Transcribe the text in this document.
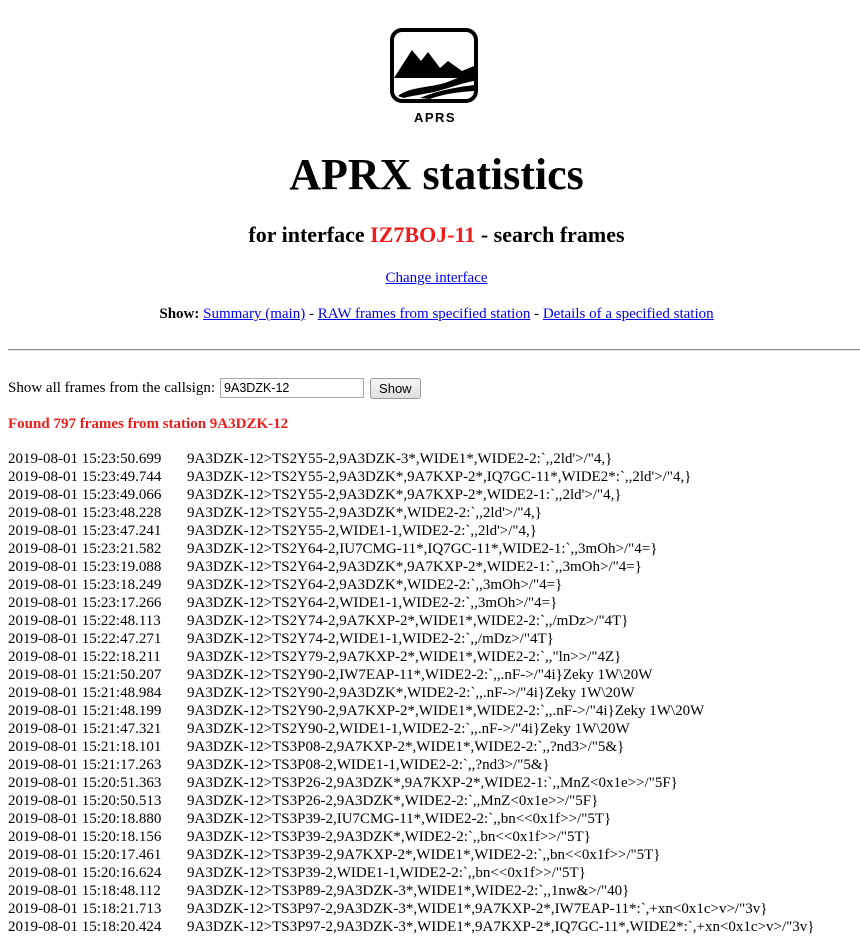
APRS
APRX statistics
for interface IZ7BOJ-11 - search frames
Change interface
Show: Summary (main) - RAW frames from specified station - Details of a specified station
Show all frames from the callsign:
9A3DZK-12	Show
Found 797 frames from station 9A3DZK-12
2019-08-01 15:23:50.699	9A3DZK-12>TS2Y55-2,9A3DZK-3*,WIDE1*,WIDE2-2:`,,2ld'>/"4,}
2019-08-01 15:23:49.744	9A3DZK-12>TS2Y55-2,9A3DZK*,9A7KXP-2*,IQ7GC-11*,WIDE2*:`,,2ld'>/"4,}
2019-08-01 15:23:49.066	9A3DZK-12>TS2Y55-2,9A3DZK*,9A7KXP-2*,WIDE2-1:`,,2ld'>/"4,}
2019-08-01 15:23:48.228	9A3DZK-12>TS2Y55-2,9A3DZK*,WIDE2-2:`,,2ld'>/"4,}
2019-08-01 15:23:47.241	9A3DZK-12>TS2Y55-2,WIDE1-1,WIDE2-2:`,,2ld'>/"4,}
2019-08-01 15:23:21.582	9A3DZK-12>TS2Y64-2,IU7CMG-11*,IQ7GC-11*,WIDE2-1:`,,3mOh>/"4=}
2019-08-01 15:23:19.088	9A3DZK-12>TS2Y64-2,9A3DZK*,9A7KXP-2*,WIDE2-1:`,,3mOh>/"4=}
2019-08-01 15:23:18.249	9A3DZK-12>TS2Y64-2,9A3DZK*,WIDE2-2:`,,3mOh>/"4=}
2019-08-01 15:23:17.266	9A3DZK-12>TS2Y64-2,WIDE1-1,WIDE2-2:`,,3mOh>/"4=}
2019-08-01 15:22:48.113	9A3DZK-12>TS2Y74-2,9A7KXP-2*,WIDE1*,WIDE2-2:`,,/mDz>/"4T}
2019-08-01 15:22:47.271	9A3DZK-12>TS2Y74-2,WIDE1-1,WIDE2-2:`,,/mDz>/"4T}
2019-08-01 15:22:18.211	9A3DZK-12>TS2Y79-2,9A7KXP-2*,WIDE1*,WIDE2-2:`,,"ln>>/"4Z}
2019-08-01 15:21:50.207	9A3DZK-12>TS2Y90-2,IW7EAP-11*,WIDE2-2:`,,.nF->/"4i}Zeky 1W\20W
2019-08-01 15:21:48.984	9A3DZK-12>TS2Y90-2,9A3DZK*,WIDE2-2:`,,.nF->/"4i}Zeky 1W\20W
2019-08-01 15:21:48.199	9A3DZK-12>TS2Y90-2,9A7KXP-2*,WIDE1*,WIDE2-2:`,,.nF->/"4i}Zeky 1W\20W
2019-08-01 15:21:47.321	9A3DZK-12>TS2Y90-2,WIDE1-1,WIDE2-2:`,,.nF->/"4i}Zeky 1W\20W
2019-08-01 15:21:18.101	9A3DZK-12>TS3P08-2,9A7KXP-2*,WIDE1*,WIDE2-2:`,,?nd3>/"5&}
2019-08-01 15:21:17.263	9A3DZK-12>TS3P08-2,WIDE1-1,WIDE2-2:`,,?nd3>/"5&}
2019-08-01 15:20:51.363	9A3DZK-12>TS3P26-2,9A3DZK*,9A7KXP-2*,WIDE2-1:`,,MnZ<0x1e>>/"5F}
2019-08-01 15:20:50.513	9A3DZK-12>TS3P26-2,9A3DZK*,WIDE2-2:`,,MnZ<0x1e>>/"5F}
2019-08-01 15:20:18.880	9A3DZK-12>TS3P39-2,IU7CMG-11*,WIDE2-2:`,,bn<<0x1f>>/"5T}
2019-08-01 15:20:18.156	9A3DZK-12>TS3P39-2,9A3DZK*,WIDE2-2:`,,bn<<0x1f>>/"5T}
2019-08-01 15:20:17.461	9A3DZK-12>TS3P39-2,9A7KXP-2*,WIDE1*,WIDE2-2:`,,bn<<0x1f>>/"5T}
2019-08-01 15:20:16.624	9A3DZK-12>TS3P39-2,WIDE1-1,WIDE2-2:`,,bn<<0x1f>>/"5T}
2019-08-01 15:18:48.112	9A3DZK-12>TS3P89-2,9A3DZK-3*,WIDE1*,WIDE2-2:`,,1nw&>/"40}
2019-08-01 15:18:21.713	9A3DZK-12>TS3P97-2,9A3DZK-3*,WIDE1*,9A7KXP-2*,IW7EAP-11*:`,+xn<0x1c>v>/"3v}
2019-08-01 15:18:20.424	9A3DZK-12>TS3P97-2,9A3DZK-3*,WIDE1*,9A7KXP-2*,IQ7GC-11*,WIDE2*:`,+xn<0x1c>v>/"3v}
